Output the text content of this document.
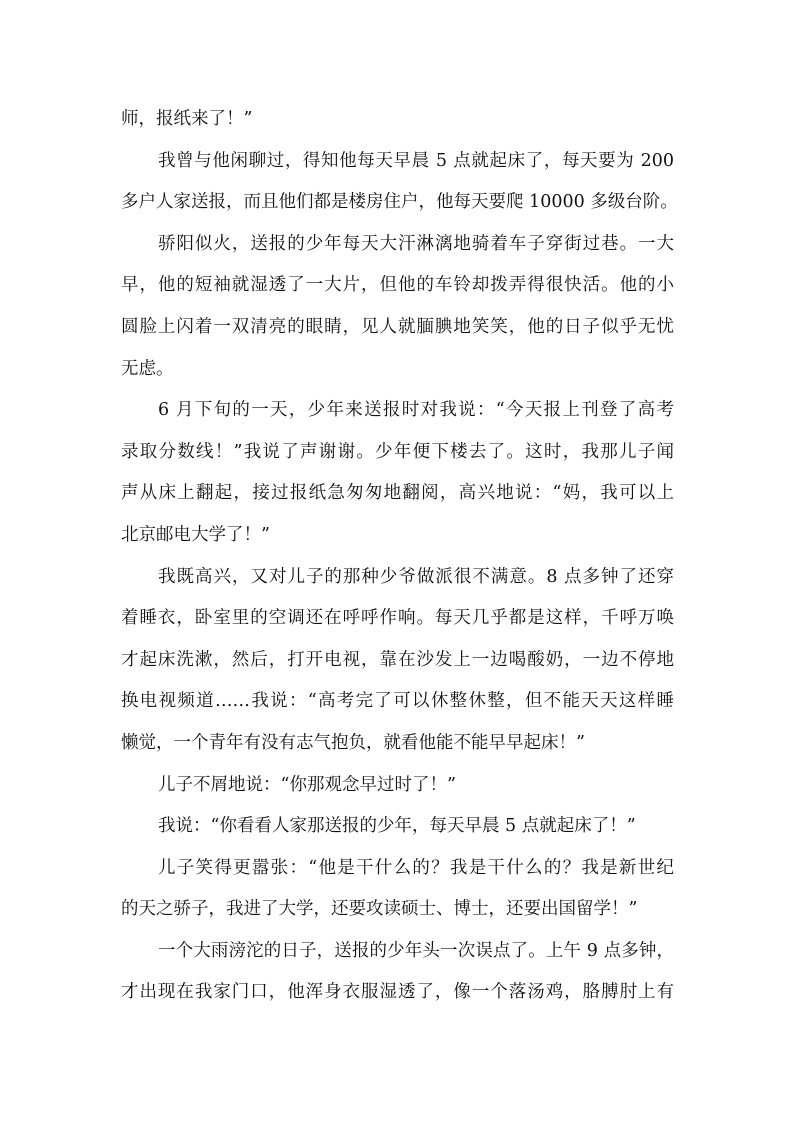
师，报纸来了！”
我曾与他闲聊过，得知他每天早晨 5 点就起床了，每天要为 200
多户人家送报，而且他们都是楼房住户，他每天要爬 10000 多级台阶。
骄阳似火，送报的少年每天大汗淋漓地骑着车子穿街过巷。一大
早，他的短袖就湿透了一大片，但他的车铃却拨弄得很快活。他的小
圆脸上闪着一双清亮的眼睛，见人就腼腆地笑笑，他的日子似乎无忧
无虑。
6 月下旬的一天，少年来送报时对我说：“今天报上刊登了高考
录取分数线！”我说了声谢谢。少年便下楼去了。这时，我那儿子闻
声从床上翻起，接过报纸急匆匆地翻阅，高兴地说：“妈，我可以上
北京邮电大学了！”
我既高兴，又对儿子的那种少爷做派很不满意。8 点多钟了还穿
着睡衣，卧室里的空调还在呼呼作响。每天几乎都是这样，千呼万唤
才起床洗漱，然后，打开电视，靠在沙发上一边喝酸奶，一边不停地
换电视频道……我说：“高考完了可以休整休整，但不能天天这样睡
懒觉，一个青年有没有志气抱负，就看他能不能早早起床！”
儿子不屑地说：“你那观念早过时了！”
我说：“你看看人家那送报的少年，每天早晨 5 点就起床了！”
儿子笑得更嚣张：“他是干什么的？我是干什么的？我是新世纪
的天之骄子，我进了大学，还要攻读硕士、博士，还要出国留学！”
一个大雨滂沱的日子，送报的少年头一次误点了。上午 9 点多钟，
才出现在我家门口，他浑身衣服湿透了，像一个落汤鸡，胳膊肘上有
